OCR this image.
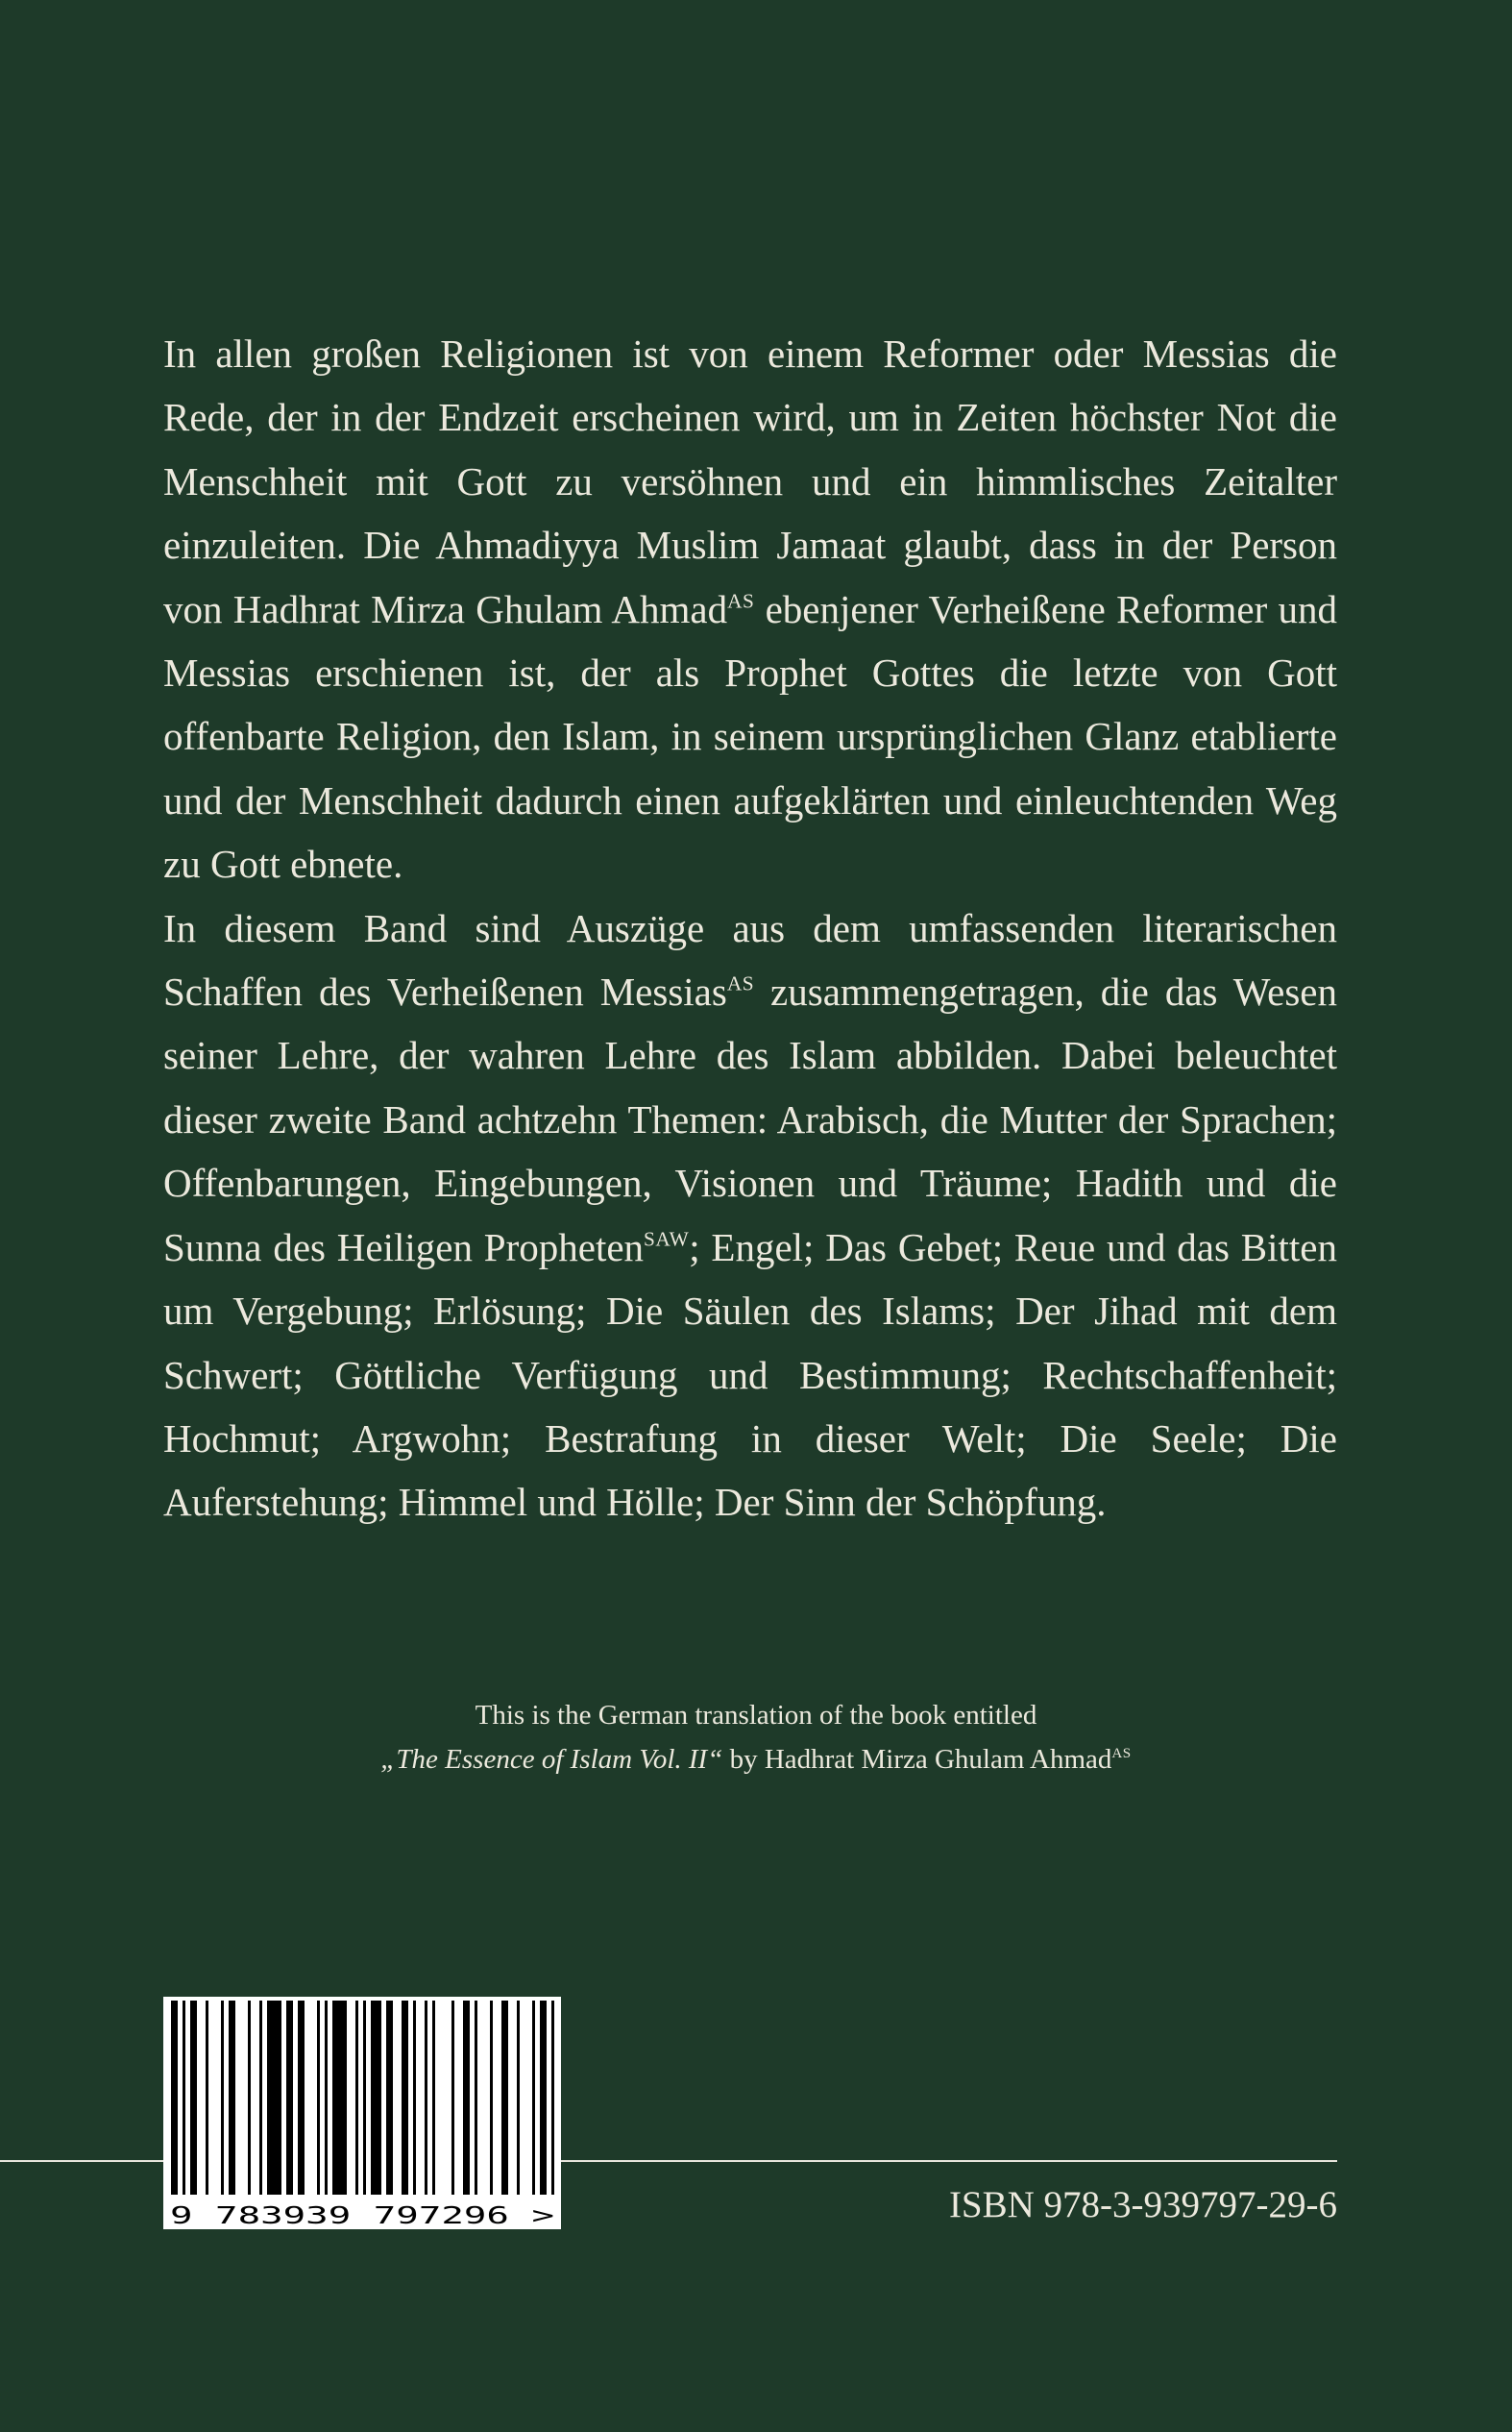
In allen großen Religionen ist von einem Reformer oder Messias die Rede, der in der Endzeit erscheinen wird, um in Zeiten höchster Not die Menschheit mit Gott zu versöhnen und ein himmlisches Zeitalter einzuleiten. Die Ahmadiyya Muslim Jamaat glaubt, dass in der Person von Hadhrat Mirza Ghulam Ahmad$^{AS}$ ebenjener Verheißene Reformer und Messias erschienen ist, der als Prophet Gottes die letzte von Gott offenbarte Religion, den Islam, in seinem ursprünglichen Glanz etablierte und der Menschheit dadurch einen aufgeklärten und einleuchtenden Weg zu Gott ebnete.

In diesem Band sind Auszüge aus dem umfassenden literarischen Schaffen des Verheißenen Messias$^{AS}$ zusammengetragen, die das Wesen seiner Lehre, der wahren Lehre des Islam abbilden. Dabei beleuchtet dieser zweite Band achtzehn Themen: Arabisch, die Mutter der Sprachen; Offenbarungen, Eingebungen, Visionen und Träume; Hadith und die Sunna des Heiligen Propheten$^{SAW}$; Engel; Das Gebet; Reue und das Bitten um Vergebung; Erlösung; Die Säulen des Islams; Der Jihad mit dem Schwert; Göttliche Verfügung und Bestimmung; Rechtschaffenheit; Hochmut; Argwohn; Bestrafung in dieser Welt; Die Seele; Die Auferstehung; Himmel und Hölle; Der Sinn der Schöpfung.

This is the German translation of the book entitled
„The Essence of Islam Vol. II“ by Hadhrat Mirza Ghulam Ahmad$^{AS}$
9 783939 797296 >	ISBN 978-3-939797-29-6
